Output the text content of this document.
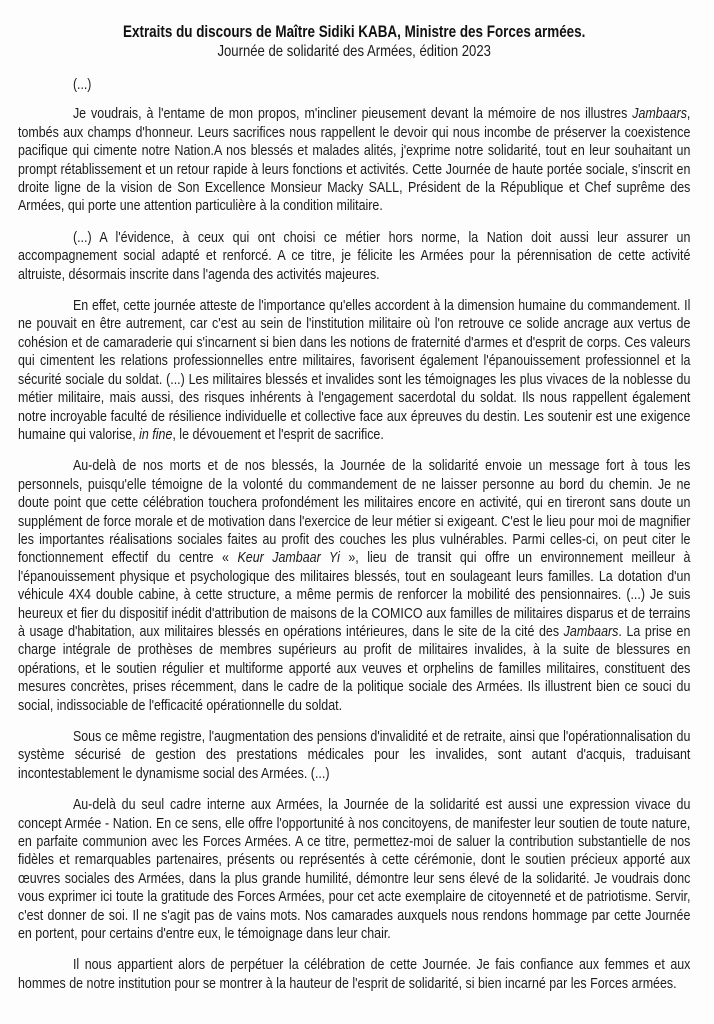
Extraits du discours de Maître Sidiki KABA, Ministre des Forces armées.

Journée de solidarité des Armées, édition 2023

(...)

Je voudrais, à l'entame de mon propos, m'incliner pieusement devant la mémoire de nos illustres Jambaars, tombés aux champs d'honneur. Leurs sacrifices nous rappellent le devoir qui nous incombe de préserver la coexistence pacifique qui cimente notre Nation.A nos blessés et malades alités, j'exprime notre solidarité, tout en leur souhaitant un prompt rétablissement et un retour rapide à leurs fonctions et activités. Cette Journée de haute portée sociale, s'inscrit en droite ligne de la vision de Son Excellence Monsieur Macky SALL, Président de la République et Chef suprême des Armées, qui porte une attention particulière à la condition militaire.

(...) A l'évidence, à ceux qui ont choisi ce métier hors norme, la Nation doit aussi leur assurer un accompagnement social adapté et renforcé. A ce titre, je félicite les Armées pour la pérennisation de cette activité altruiste, désormais inscrite dans l'agenda des activités majeures.

En effet, cette journée atteste de l'importance qu'elles accordent à la dimension humaine du commandement. Il ne pouvait en être autrement, car c'est au sein de l'institution militaire où l'on retrouve ce solide ancrage aux vertus de cohésion et de camaraderie qui s'incarnent si bien dans les notions de fraternité d'armes et d'esprit de corps. Ces valeurs qui cimentent les relations professionnelles entre militaires, favorisent également l'épanouissement professionnel et la sécurité sociale du soldat. (...) Les militaires blessés et invalides sont les témoignages les plus vivaces de la noblesse du métier militaire, mais aussi, des risques inhérents à l'engagement sacerdotal du soldat. Ils nous rappellent également notre incroyable faculté de résilience individuelle et collective face aux épreuves du destin. Les soutenir est une exigence humaine qui valorise, in fine, le dévouement et l'esprit de sacrifice.

Au-delà de nos morts et de nos blessés, la Journée de la solidarité envoie un message fort à tous les personnels, puisqu'elle témoigne de la volonté du commandement de ne laisser personne au bord du chemin. Je ne doute point que cette célébration touchera profondément les militaires encore en activité, qui en tireront sans doute un supplément de force morale et de motivation dans l'exercice de leur métier si exigeant. C'est le lieu pour moi de magnifier les importantes réalisations sociales faites au profit des couches les plus vulnérables. Parmi celles-ci, on peut citer le fonctionnement effectif du centre « Keur Jambaar Yi », lieu de transit qui offre un environnement meilleur à l'épanouissement physique et psychologique des militaires blessés, tout en soulageant leurs familles. La dotation d'un véhicule 4X4 double cabine, à cette structure, a même permis de renforcer la mobilité des pensionnaires. (...) Je suis heureux et fier du dispositif inédit d'attribution de maisons de la COMICO aux familles de militaires disparus et de terrains à usage d'habitation, aux militaires blessés en opérations intérieures, dans le site de la cité des Jambaars. La prise en charge intégrale de prothèses de membres supérieurs au profit de militaires invalides, à la suite de blessures en opérations, et le soutien régulier et multiforme apporté aux veuves et orphelins de familles militaires, constituent des mesures concrètes, prises récemment, dans le cadre de la politique sociale des Armées. Ils illustrent bien ce souci du social, indissociable de l'efficacité opérationnelle du soldat.

Sous ce même registre, l'augmentation des pensions d'invalidité et de retraite, ainsi que l'opérationnalisation du système sécurisé de gestion des prestations médicales pour les invalides, sont autant d'acquis, traduisant incontestablement le dynamisme social des Armées. (...)

Au-delà du seul cadre interne aux Armées, la Journée de la solidarité est aussi une expression vivace du concept Armée - Nation. En ce sens, elle offre l'opportunité à nos concitoyens, de manifester leur soutien de toute nature, en parfaite communion avec les Forces Armées. A ce titre, permettez-moi de saluer la contribution substantielle de nos fidèles et remarquables partenaires, présents ou représentés à cette cérémonie, dont le soutien précieux apporté aux œuvres sociales des Armées, dans la plus grande humilité, démontre leur sens élevé de la solidarité. Je voudrais donc vous exprimer ici toute la gratitude des Forces Armées, pour cet acte exemplaire de citoyenneté et de patriotisme. Servir, c'est donner de soi. Il ne s'agit pas de vains mots. Nos camarades auxquels nous rendons hommage par cette Journée en portent, pour certains d'entre eux, le témoignage dans leur chair.

Il nous appartient alors de perpétuer la célébration de cette Journée. Je fais confiance aux femmes et aux hommes de notre institution pour se montrer à la hauteur de l'esprit de solidarité, si bien incarné par les Forces armées.
